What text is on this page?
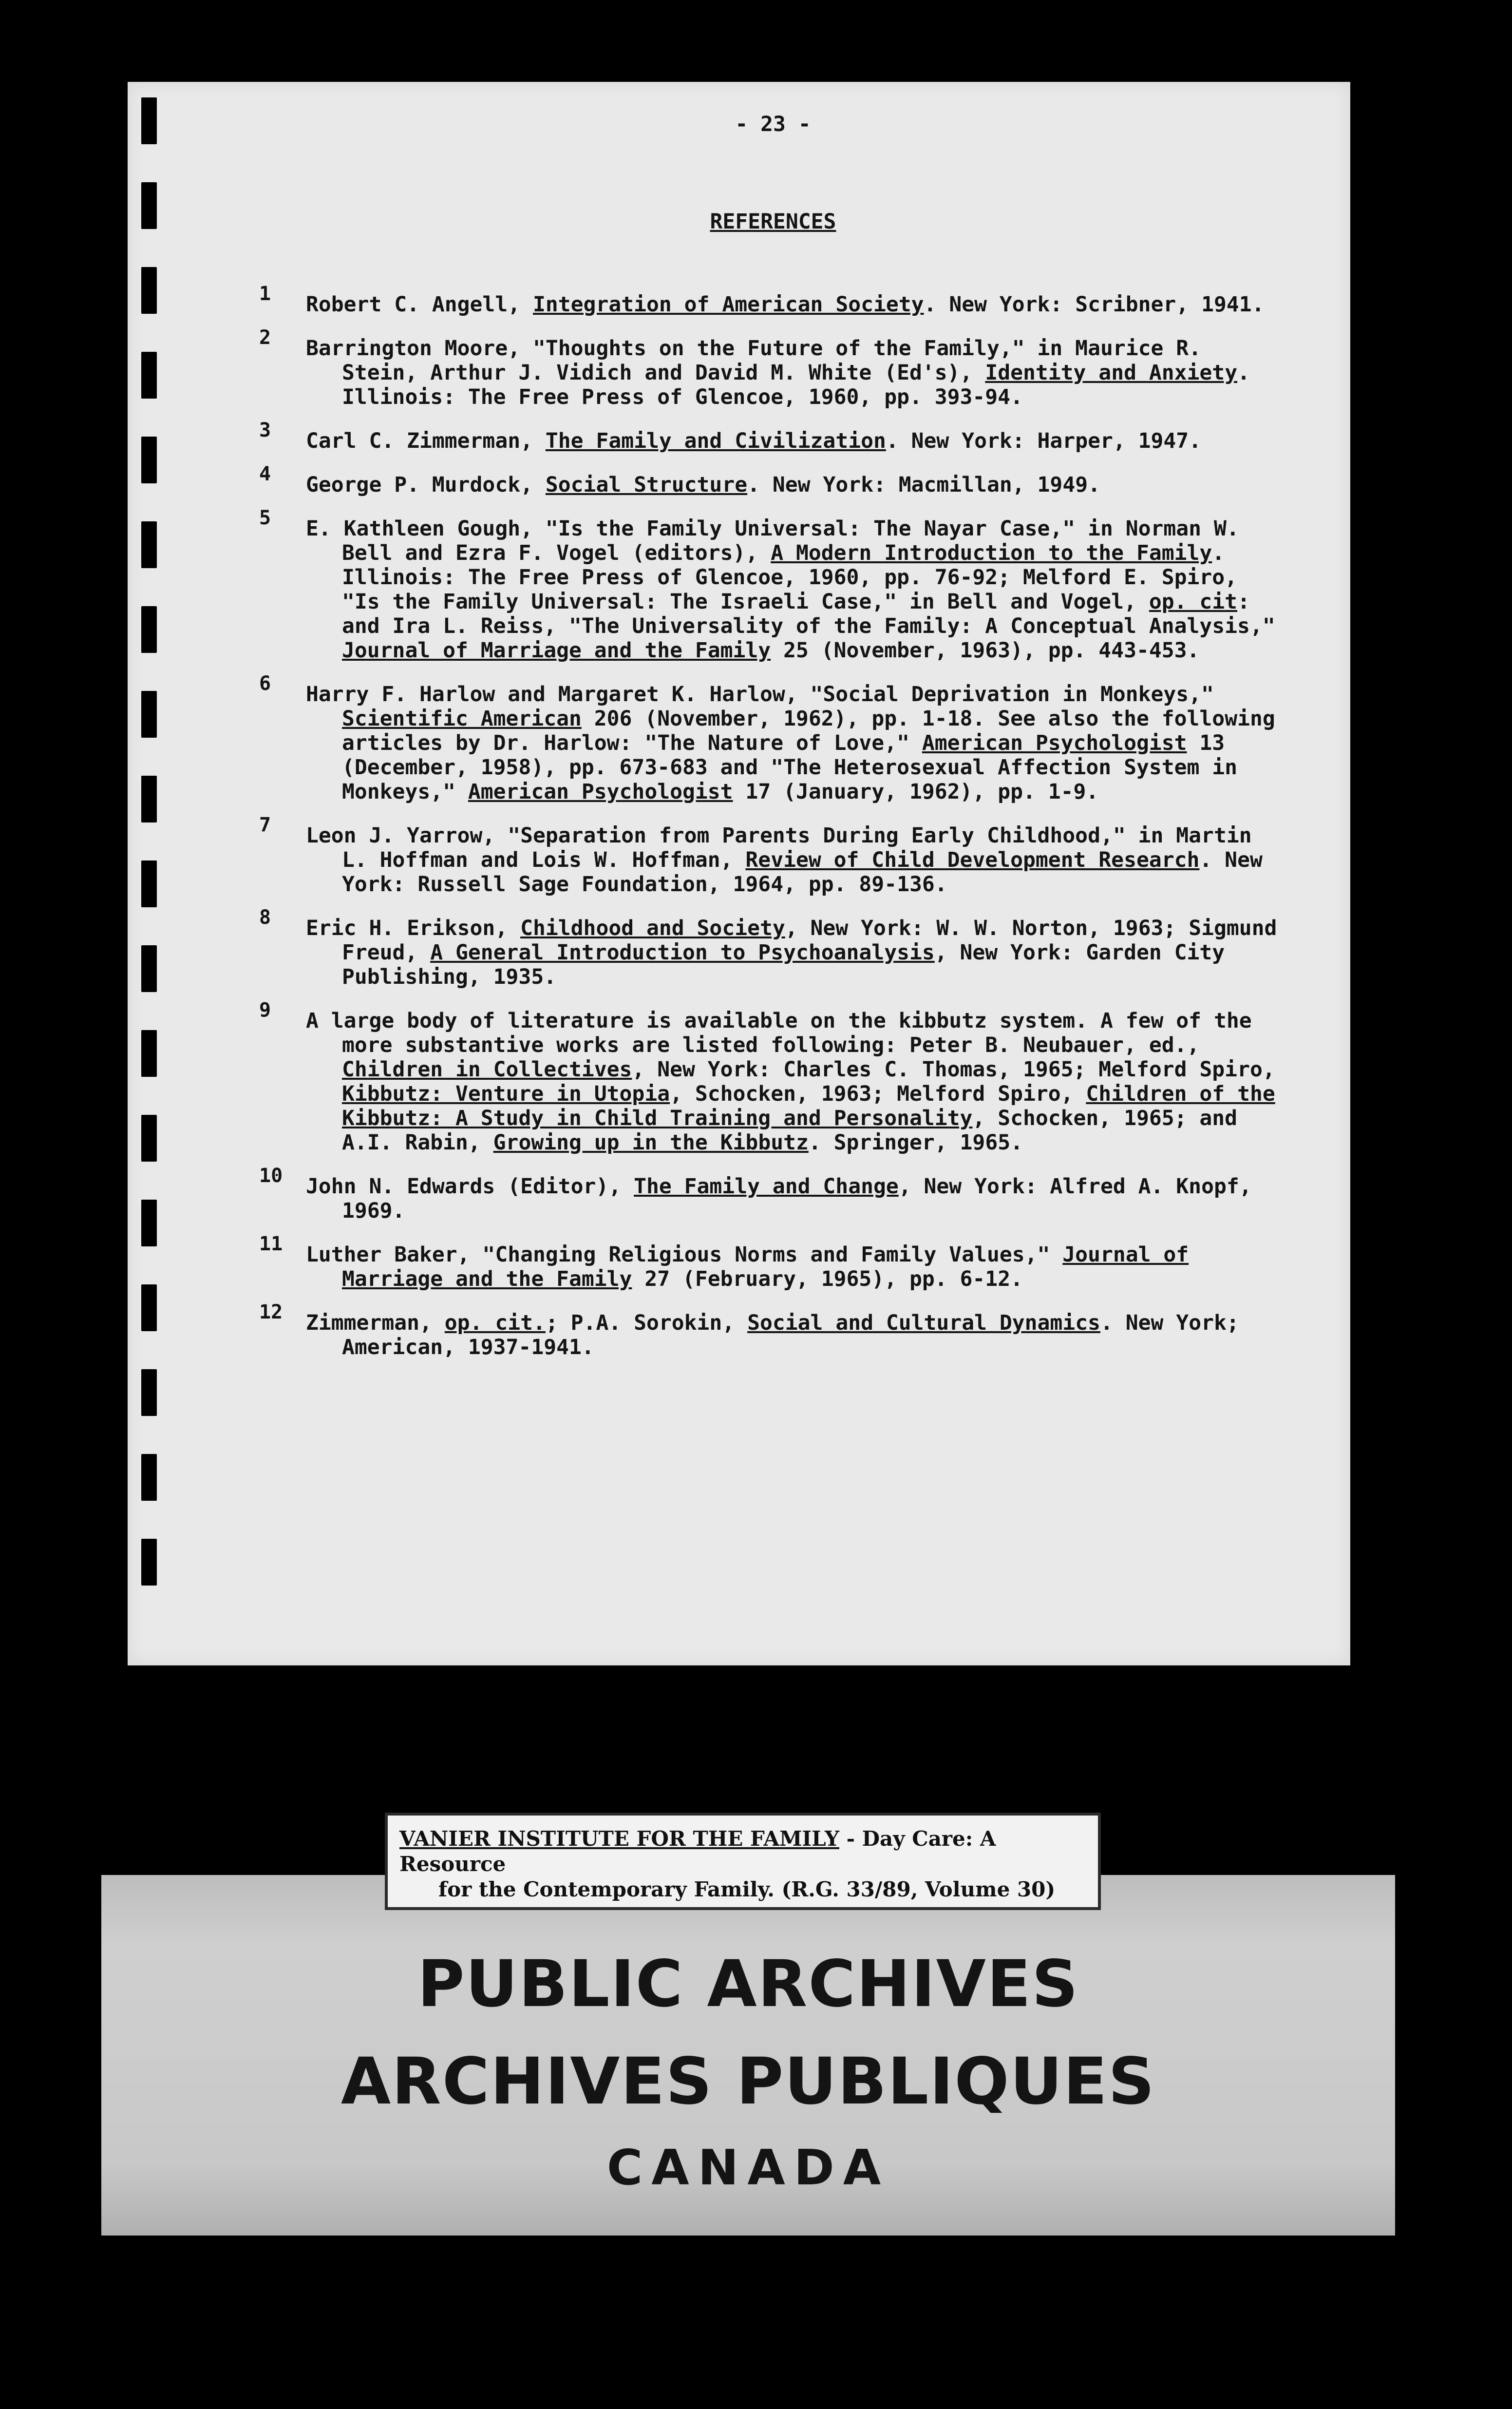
- 23 -
REFERENCES
1 Robert C. Angell, Integration of American Society. New York: Scribner, 1941.
2 Barrington Moore, "Thoughts on the Future of the Family," in Maurice R. Stein, Arthur J. Vidich and David M. White (Ed's), Identity and Anxiety. Illinois: The Free Press of Glencoe, 1960, pp. 393-94.
3 Carl C. Zimmerman, The Family and Civilization. New York: Harper, 1947.
4 George P. Murdock, Social Structure. New York: Macmillan, 1949.
5 E. Kathleen Gough, "Is the Family Universal: The Nayar Case," in Norman W. Bell and Ezra F. Vogel (editors), A Modern Introduction to the Family. Illinois: The Free Press of Glencoe, 1960, pp. 76-92; Melford E. Spiro, "Is the Family Universal: The Israeli Case," in Bell and Vogel, op. cit: and Ira L. Reiss, "The Universality of the Family: A Conceptual Analysis," Journal of Marriage and the Family 25 (November, 1963), pp. 443-453.
6 Harry F. Harlow and Margaret K. Harlow, "Social Deprivation in Monkeys," Scientific American 206 (November, 1962), pp. 1-18. See also the following articles by Dr. Harlow: "The Nature of Love," American Psychologist 13 (December, 1958), pp. 673-683 and "The Heterosexual Affection System in Monkeys," American Psychologist 17 (January, 1962), pp. 1-9.
7 Leon J. Yarrow, "Separation from Parents During Early Childhood," in Martin L. Hoffman and Lois W. Hoffman, Review of Child Development Research. New York: Russell Sage Foundation, 1964, pp. 89-136.
8 Eric H. Erikson, Childhood and Society, New York: W. W. Norton, 1963; Sigmund Freud, A General Introduction to Psychoanalysis, New York: Garden City Publishing, 1935.
9 A large body of literature is available on the kibbutz system. A few of the more substantive works are listed following: Peter B. Neubauer, ed., Children in Collectives, New York: Charles C. Thomas, 1965; Melford Spiro, Kibbutz: Venture in Utopia, Schocken, 1963; Melford Spiro, Children of the Kibbutz: A Study in Child Training and Personality, Schocken, 1965; and A.I. Rabin, Growing up in the Kibbutz. Springer, 1965.
10 John N. Edwards (Editor), The Family and Change, New York: Alfred A. Knopf, 1969.
11 Luther Baker, "Changing Religious Norms and Family Values," Journal of Marriage and the Family 27 (February, 1965), pp. 6-12.
12 Zimmerman, op. cit.; P.A. Sorokin, Social and Cultural Dynamics. New York; American, 1937-1941.
VANIER INSTITUTE FOR THE FAMILY - Day Care: A Resource
for the Contemporary Family. (R.G. 33/89, Volume 30)

PUBLIC ARCHIVES

ARCHIVES PUBLIQUES

CANADA
